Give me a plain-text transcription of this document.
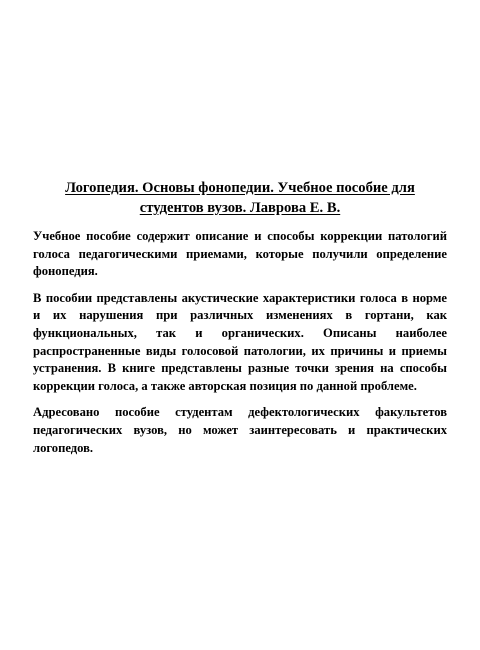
Логопедия. Основы фонопедии. Учебное пособие для студентов вузов. Лаврова Е. В.

Учебное пособие содержит описание и способы коррекции патологий голоса педагогическими приемами, которые получили определение фонопедия.

В пособии представлены акустические характеристики голоса в норме и их нарушения при различных изменениях в гортани, как функциональных, так и органических. Описаны наиболее распространенные виды голосовой патологии, их причины и приемы устранения. В книге представлены разные точки зрения на способы коррекции голоса, а также авторская позиция по данной проблеме.

Адресовано пособие студентам дефектологических факультетов педагогических вузов, но может заинтересовать и практических логопедов.
